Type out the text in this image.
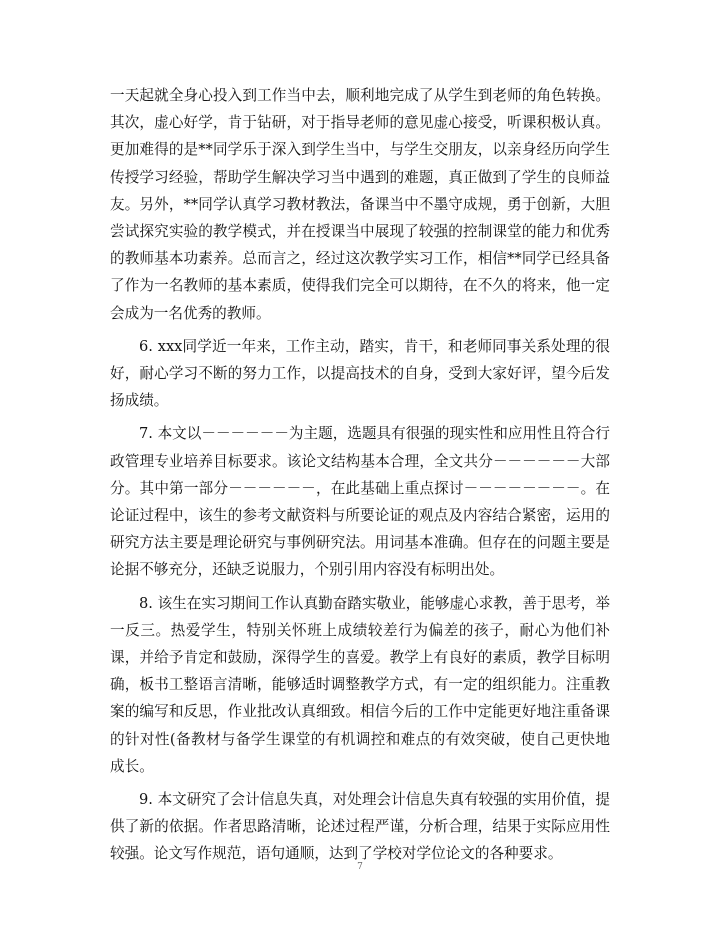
一天起就全身心投入到工作当中去，顺利地完成了从学生到老师的角色转换。其次，虚心好学，肯于钻研，对于指导老师的意见虚心接受，听课积极认真。更加难得的是**同学乐于深入到学生当中，与学生交朋友，以亲身经历向学生传授学习经验，帮助学生解决学习当中遇到的难题，真正做到了学生的良师益友。另外，**同学认真学习教材教法，备课当中不墨守成规，勇于创新，大胆尝试探究实验的教学模式，并在授课当中展现了较强的控制课堂的能力和优秀的教师基本功素养。总而言之，经过这次教学实习工作，相信**同学已经具备了作为一名教师的基本素质，使得我们完全可以期待，在不久的将来，他一定会成为一名优秀的教师。

6. xxx同学近一年来，工作主动，踏实，肯干，和老师同事关系处理的很好，耐心学习不断的努力工作，以提高技术的自身，受到大家好评，望今后发扬成绩。

7. 本文以－－－－－－为主题，选题具有很强的现实性和应用性且符合行政管理专业培养目标要求。该论文结构基本合理，全文共分－－－－－－大部分。其中第一部分－－－－－－，在此基础上重点探讨－－－－－－－－。在论证过程中，该生的参考文献资料与所要论证的观点及内容结合紧密，运用的研究方法主要是理论研究与事例研究法。用词基本准确。但存在的问题主要是论据不够充分，还缺乏说服力，个别引用内容没有标明出处。

8. 该生在实习期间工作认真勤奋踏实敬业，能够虚心求教，善于思考，举一反三。热爱学生，特别关怀班上成绩较差行为偏差的孩子，耐心为他们补课，并给予肯定和鼓励，深得学生的喜爱。教学上有良好的素质，教学目标明确，板书工整语言清晰，能够适时调整教学方式，有一定的组织能力。注重教案的编写和反思，作业批改认真细致。相信今后的工作中定能更好地注重备课的针对性(备教材与备学生课堂的有机调控和难点的有效突破，使自己更快地成长。

9. 本文研究了会计信息失真，对处理会计信息失真有较强的实用价值，提供了新的依据。作者思路清晰，论述过程严谨，分析合理，结果于实际应用性较强。论文写作规范，语句通顺，达到了学校对学位论文的各种要求。

7
